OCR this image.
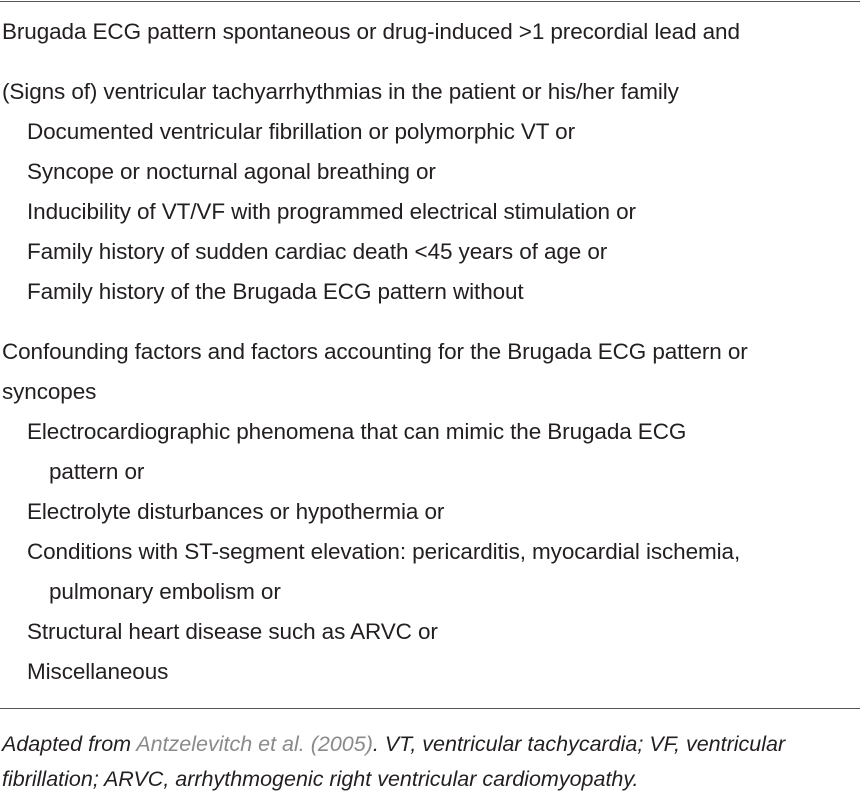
Brugada ECG pattern spontaneous or drug-induced >1 precordial lead and
(Signs of) ventricular tachyarrhythmias in the patient or his/her family
Documented ventricular fibrillation or polymorphic VT or
Syncope or nocturnal agonal breathing or
Inducibility of VT/VF with programmed electrical stimulation or
Family history of sudden cardiac death <45 years of age or
Family history of the Brugada ECG pattern without
Confounding factors and factors accounting for the Brugada ECG pattern or
syncopes
Electrocardiographic phenomena that can mimic the Brugada ECG
pattern or
Electrolyte disturbances or hypothermia or
Conditions with ST-segment elevation: pericarditis, myocardial ischemia,
pulmonary embolism or
Structural heart disease such as ARVC or
Miscellaneous
Adapted from Antzelevitch et al. (2005). VT, ventricular tachycardia; VF, ventricular
fibrillation; ARVC, arrhythmogenic right ventricular cardiomyopathy.
